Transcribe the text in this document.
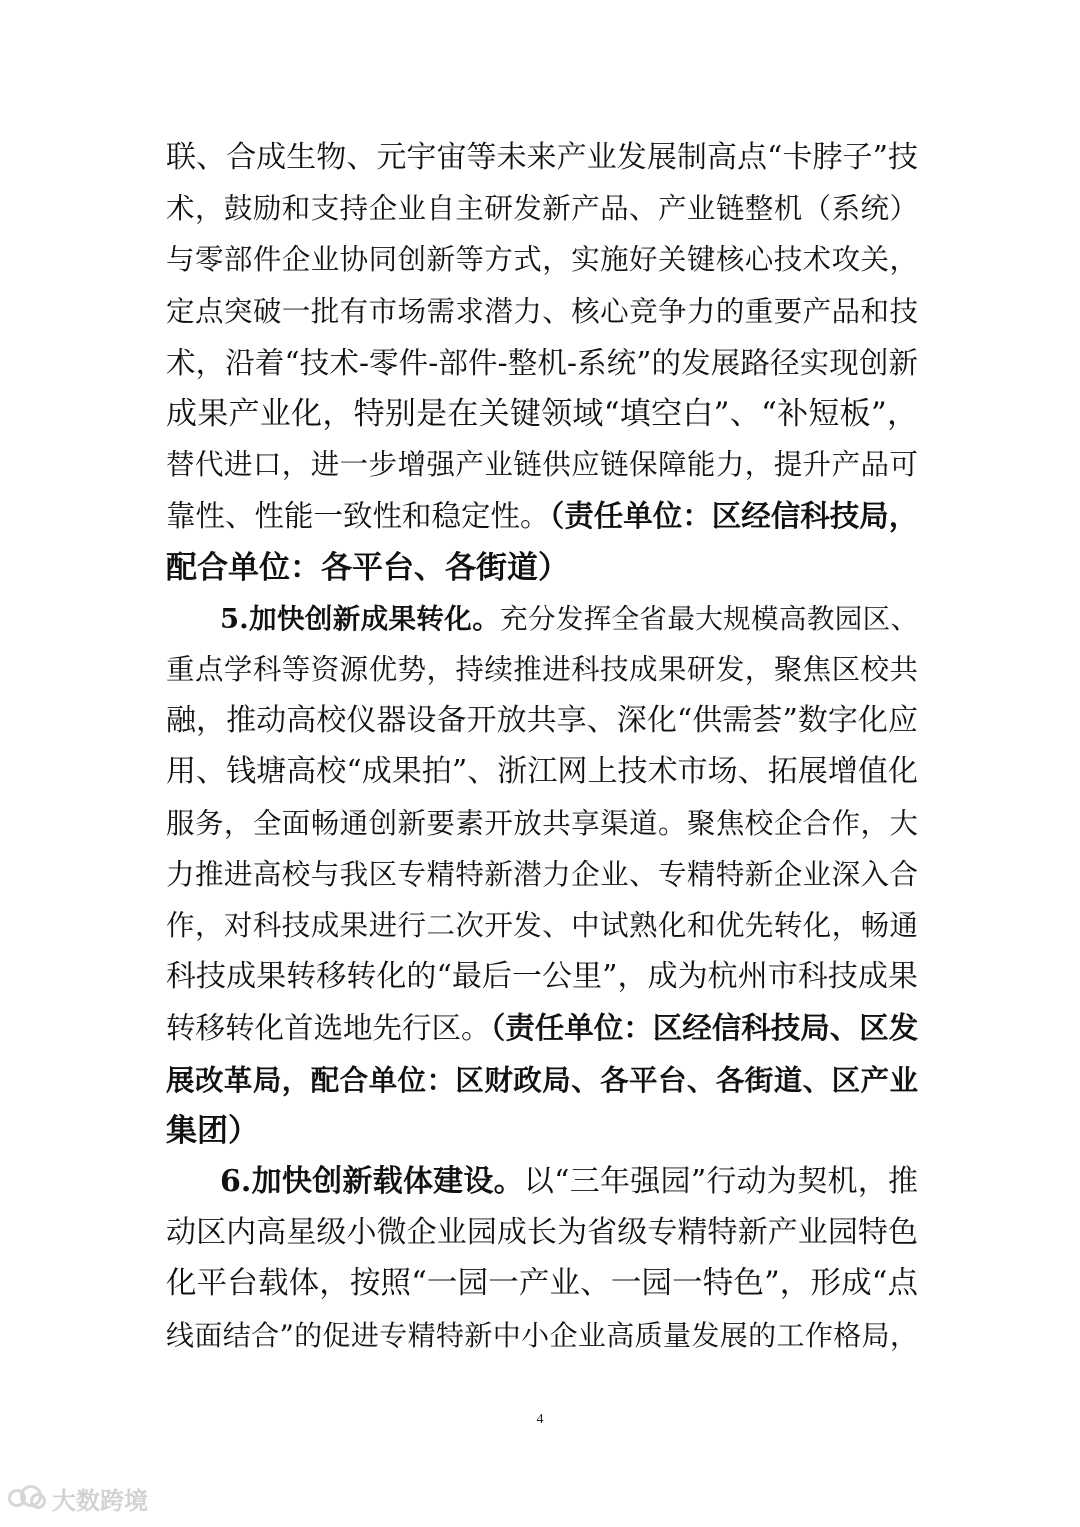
联、合成生物、元宇宙等未来产业发展制高点“卡脖子”技
术，鼓励和支持企业自主研发新产品、产业链整机（系统）
与零部件企业协同创新等方式，实施好关键核心技术攻关，
定点突破一批有市场需求潜力、核心竞争力的重要产品和技
术，沿着“技术-零件-部件-整机-系统”的发展路径实现创新
成果产业化，特别是在关键领域“填空白”、“补短板”，
替代进口，进一步增强产业链供应链保障能力，提升产品可
靠性、性能一致性和稳定性。（责任单位：区经信科技局，
配合单位：各平台、各街道）
5.加快创新成果转化。充分发挥全省最大规模高教园区、
重点学科等资源优势，持续推进科技成果研发，聚焦区校共
融，推动高校仪器设备开放共享、深化“供需荟”数字化应
用、钱塘高校“成果拍”、浙江网上技术市场、拓展增值化
服务，全面畅通创新要素开放共享渠道。聚焦校企合作，大
力推进高校与我区专精特新潜力企业、专精特新企业深入合
作，对科技成果进行二次开发、中试熟化和优先转化，畅通
科技成果转移转化的“最后一公里”，成为杭州市科技成果
转移转化首选地先行区。（责任单位：区经信科技局、区发
展改革局，配合单位：区财政局、各平台、各街道、区产业
集团）
6.加快创新载体建设。以“三年强园”行动为契机，推
动区内高星级小微企业园成长为省级专精特新产业园特色
化平台载体，按照“一园一产业、一园一特色”，形成“点
线面结合”的促进专精特新中小企业高质量发展的工作格局，
4
大数跨境
